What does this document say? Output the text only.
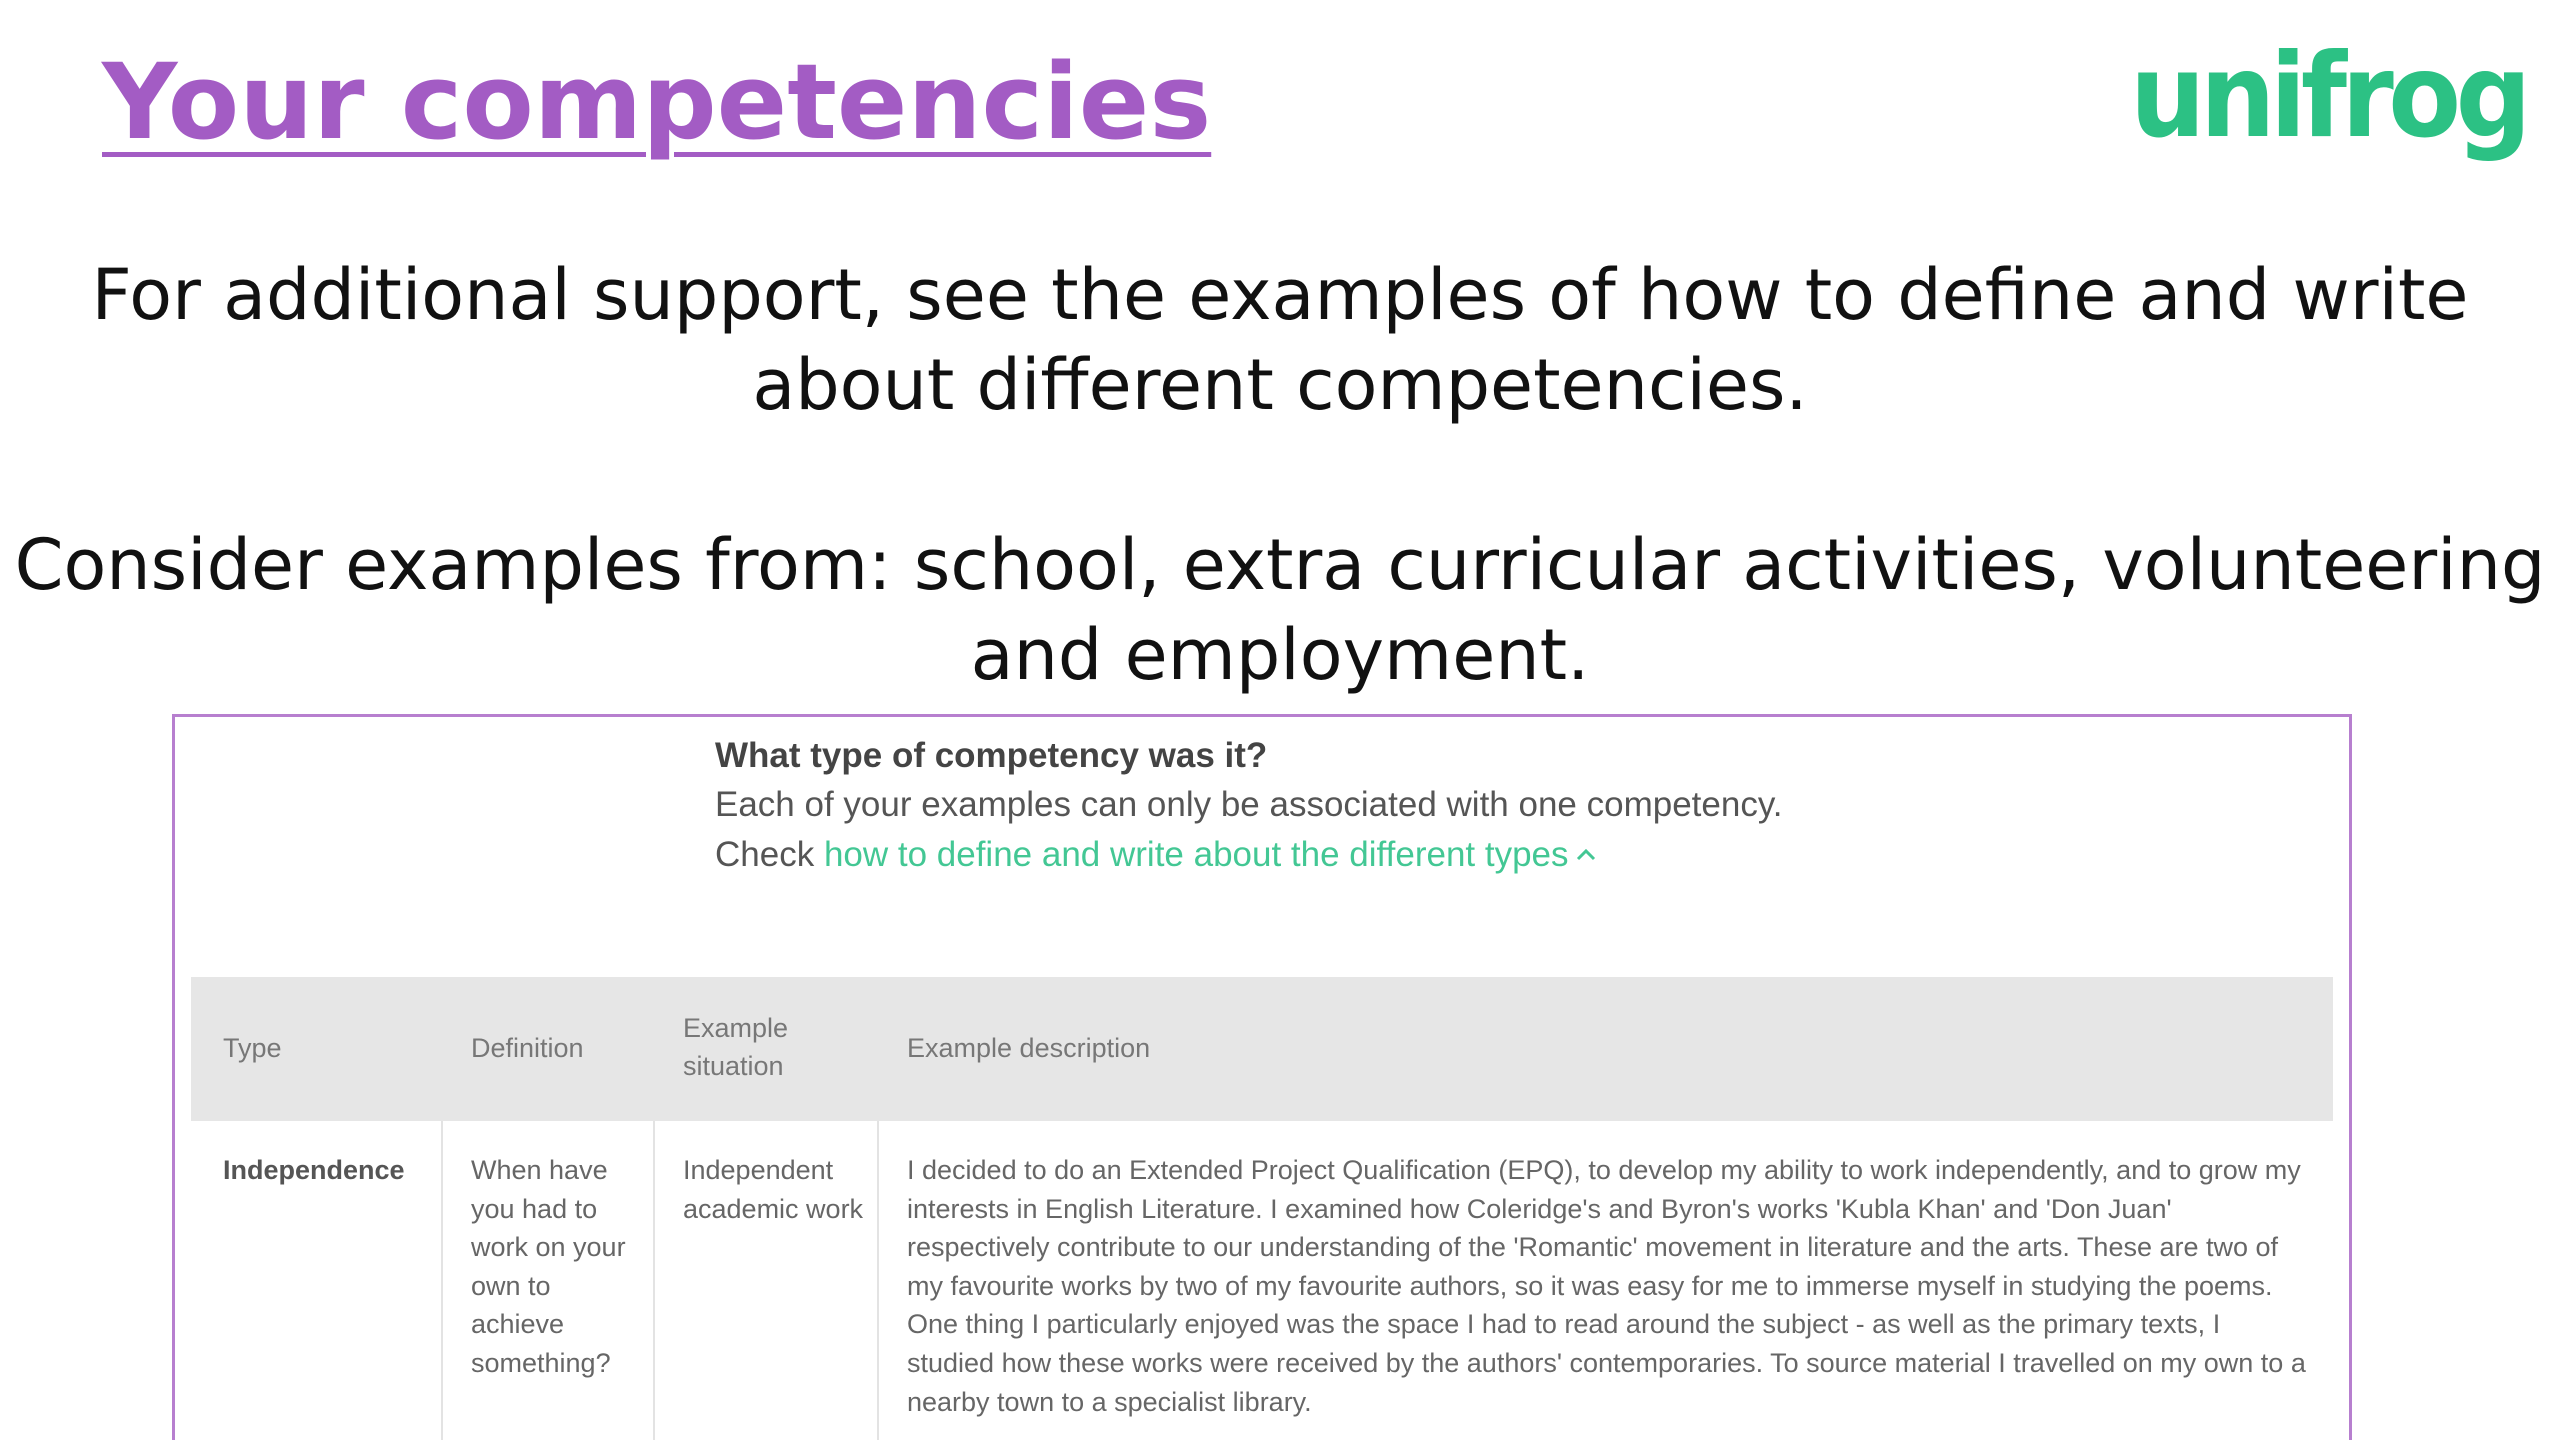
Your competencies	unifrog
For additional support, see the examples of how to define and write about different competencies.
Consider examples from: school, extra curricular activities, volunteering and employment.
What type of competency was it?
Each of your examples can only be associated with one competency.
Check how to define and write about the different types
Type	Definition
Example situation
Example description
Independence When have you had to work on your own to achieve something?
Independent academic work
I decided to do an Extended Project Qualification (EPQ), to develop my ability to work independently, and to grow my interests in English Literature. I examined how Coleridge's and Byron's works 'Kubla Khan' and 'Don Juan' respectively contribute to our understanding of the 'Romantic' movement in literature and the arts. These are two of my favourite works by two of my favourite authors, so it was easy for me to immerse myself in studying the poems. One thing I particularly enjoyed was the space I had to read around the subject - as well as the primary texts, I studied how these works were received by the authors' contemporaries. To source material I travelled on my own to a nearby town to a specialist library.
